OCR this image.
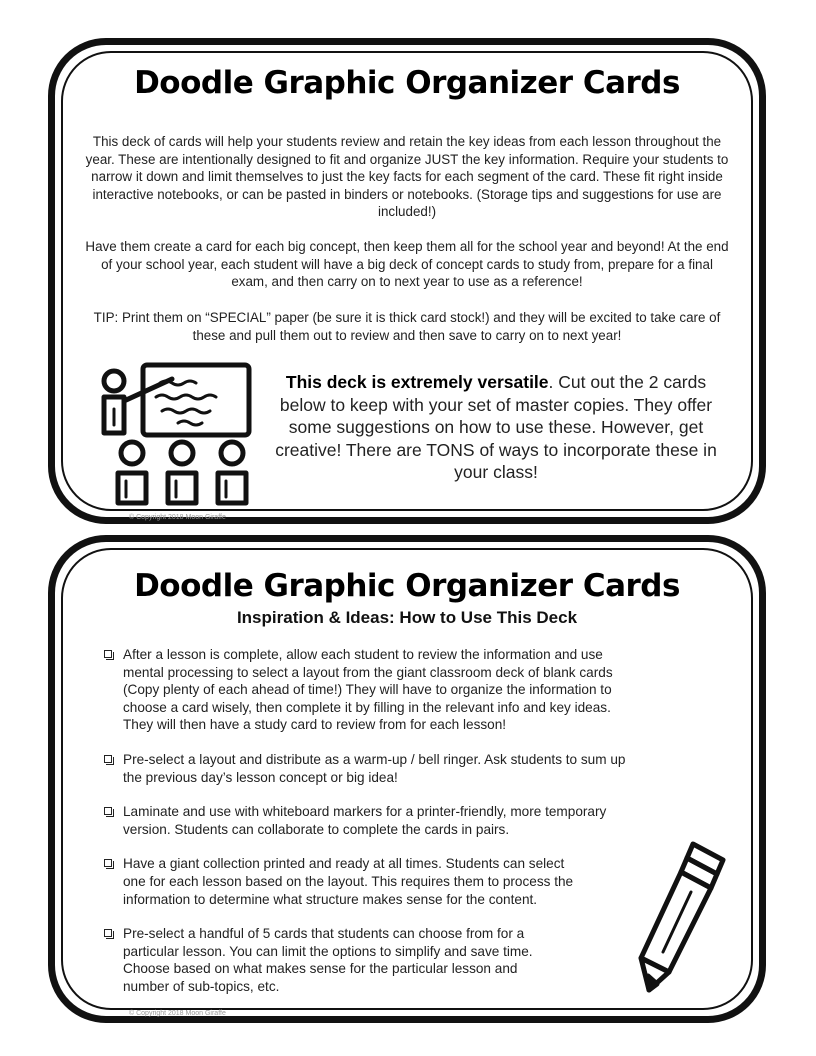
Doodle Graphic Organizer Cards
This deck of cards will help your students review and retain the key ideas from each lesson throughout the year. These are intentionally designed to fit and organize JUST the key information. Require your students to narrow it down and limit themselves to just the key facts for each segment of the card. These fit right inside interactive notebooks, or can be pasted in binders or notebooks. (Storage tips and suggestions for use are included!)
Have them create a card for each big concept, then keep them all for the school year and beyond! At the end of your school year, each student will have a big deck of concept cards to study from, prepare for a final exam, and then carry on to next year to use as a reference!
TIP: Print them on “SPECIAL” paper (be sure it is thick card stock!) and they will be excited to take care of these and pull them out to review and then save to carry on to next year!
This deck is extremely versatile. Cut out the 2 cards below to keep with your set of master copies. They offer some suggestions on how to use these. However, get creative! There are TONS of ways to incorporate these in your class!
© Copyright 2018 Moon Giraffe
Doodle Graphic Organizer Cards
Inspiration & Ideas: How to Use This Deck
After a lesson is complete, allow each student to review the information and use
mental processing to select a layout from the giant classroom deck of blank cards
(Copy plenty of each ahead of time!) They will have to organize the information to
choose a card wisely, then complete it by filling in the relevant info and key ideas.
They will then have a study card to review from for each lesson!
Pre-select a layout and distribute as a warm-up / bell ringer. Ask students to sum up
the previous day’s lesson concept or big idea!
Laminate and use with whiteboard markers for a printer-friendly, more temporary
version. Students can collaborate to complete the cards in pairs.
Have a giant collection printed and ready at all times. Students can select
one for each lesson based on the layout. This requires them to process the
information to determine what structure makes sense for the content.
Pre-select a handful of 5 cards that students can choose from for a
particular lesson. You can limit the options to simplify and save time.
Choose based on what makes sense for the particular lesson and
number of sub-topics, etc.
© Copyright 2018 Moon Giraffe
